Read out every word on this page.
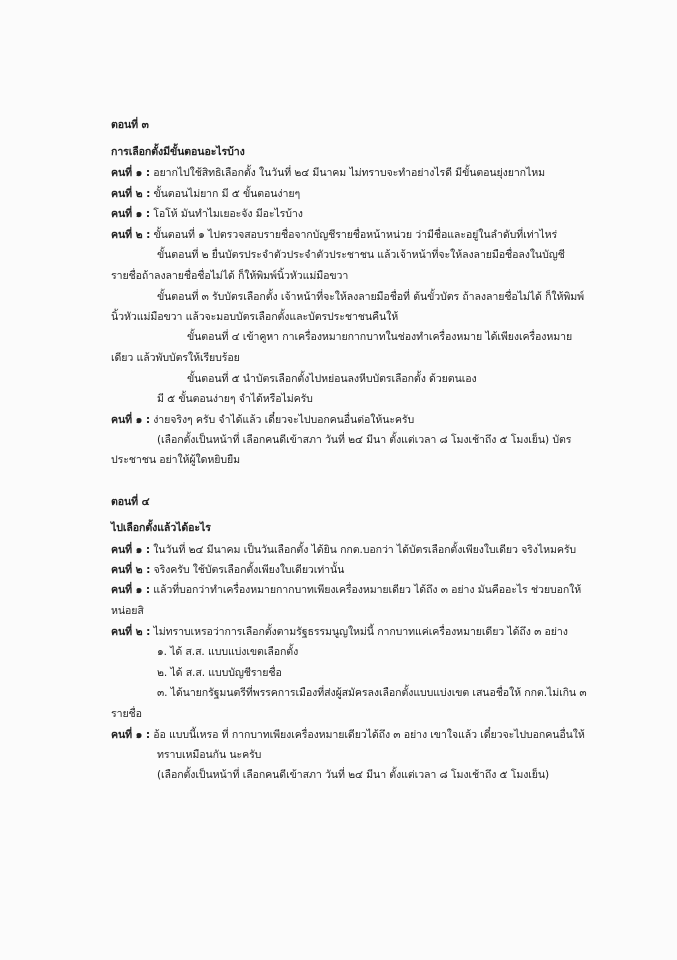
ตอนที่ ๓
การเลือกตั้งมีขั้นตอนอะไรบ้าง
คนที่ ๑ : อยากไปใช้สิทธิเลือกตั้ง ในวันที่ ๒๔ มีนาคม ไม่ทราบจะทำอย่างไรดี มีขั้นตอนยุ่งยากไหม
คนที่ ๒ : ขั้นตอนไม่ยาก มี ๕ ขั้นตอนง่ายๆ
คนที่ ๑ : โอโห้ มันทำไมเยอะจัง มีอะไรบ้าง
คนที่ ๒ : ขั้นตอนที่ ๑ ไปตรวจสอบรายชื่อจากบัญชีรายชื่อหน้าหน่วย ว่ามีชื่อและอยู่ในลำดับที่เท่าไหร่
ขั้นตอนที่ ๒ ยื่นบัตรประจำตัวประจำตัวประชาชน แล้วเจ้าหน้าที่จะให้ลงลายมือชื่อลงในบัญชี
รายชื่อถ้าลงลายชื่อชื่อไม่ได้ ก็ให้พิมพ์นิ้วหัวแม่มือขวา
ขั้นตอนที่ ๓ รับบัตรเลือกตั้ง เจ้าหน้าที่จะให้ลงลายมือชื่อที่ ต้นขั้วบัตร ถ้าลงลายชื่อไม่ได้ ก็ให้พิมพ์
นิ้วหัวแม่มือขวา แล้วจะมอบบัตรเลือกตั้งและบัตรประชาชนคืนให้
ขั้นตอนที่ ๔ เข้าคูหา กาเครื่องหมายกากบาทในช่องทำเครื่องหมาย ได้เพียงเครื่องหมาย
เดียว แล้วพับบัตรให้เรียบร้อย
ขั้นตอนที่ ๕ นำบัตรเลือกตั้งไปหย่อนลงหีบบัตรเลือกตั้ง ด้วยตนเอง
มี ๕ ขั้นตอนง่ายๆ จำได้หรือไม่ครับ
คนที่ ๑ : ง่ายจริงๆ ครับ จำได้แล้ว เดี๋ยวจะไปบอกคนอื่นต่อให้นะครับ
(เลือกตั้งเป็นหน้าที่ เลือกคนดีเข้าสภา วันที่ ๒๔ มีนา ตั้งแต่เวลา ๘ โมงเช้าถึง ๕ โมงเย็น) บัตร
ประชาชน อย่าให้ผู้ใดหยิบยืม
ตอนที่ ๔
ไปเลือกตั้งแล้วได้อะไร
คนที่ ๑ : ในวันที่ ๒๔ มีนาคม เป็นวันเลือกตั้ง ได้ยิน กกต.บอกว่า ได้บัตรเลือกตั้งเพียงใบเดียว จริงไหมครับ
คนที่ ๒ : จริงครับ ใช้บัตรเลือกตั้งเพียงใบเดียวเท่านั้น
คนที่ ๑ : แล้วที่บอกว่าทำเครื่องหมายกากบาทเพียงเครื่องหมายเดียว ได้ถึง ๓ อย่าง มันคืออะไร ช่วยบอกให้
หน่อยสิ
คนที่ ๒ : ไม่ทราบเหรอว่าการเลือกตั้งตามรัฐธรรมนูญใหม่นี้ กากบาทแค่เครื่องหมายเดียว ได้ถึง ๓ อย่าง
๑. ได้ ส.ส. แบบแบ่งเขตเลือกตั้ง
๒. ได้ ส.ส. แบบบัญชีรายชื่อ
๓. ได้นายกรัฐมนตรีที่พรรคการเมืองที่ส่งผู้สมัครลงเลือกตั้งแบบแบ่งเขต เสนอชื่อให้ กกต.ไม่เกิน ๓
รายชื่อ
คนที่ ๑ : อ้อ แบบนี้เหรอ ที่ กากบาทเพียงเครื่องหมายเดียวได้ถึง ๓ อย่าง เขาใจแล้ว เดี๋ยวจะไปบอกคนอื่นให้
ทราบเหมือนกัน นะครับ
(เลือกตั้งเป็นหน้าที่ เลือกคนดีเข้าสภา วันที่ ๒๔ มีนา ตั้งแต่เวลา ๘ โมงเช้าถึง ๕ โมงเย็น)
